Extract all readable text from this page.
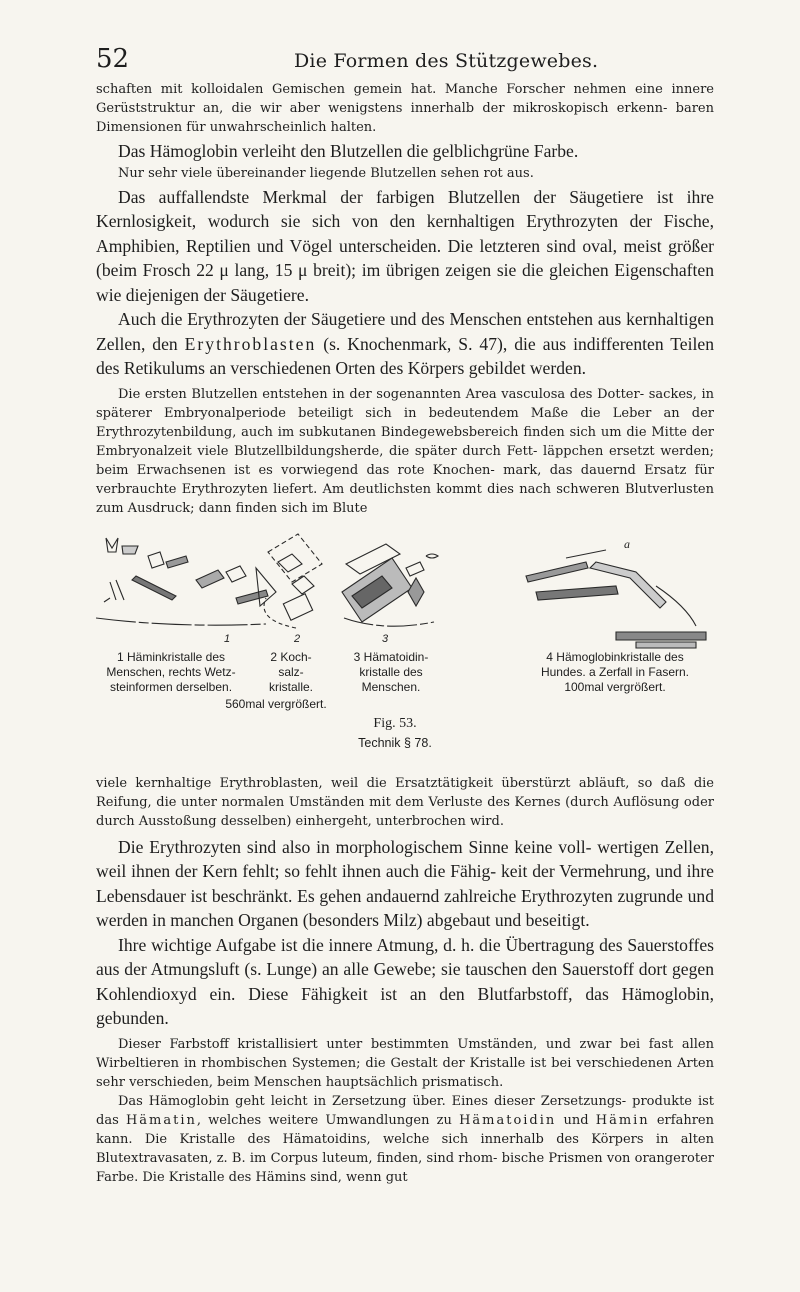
52	Die Formen des Stützgewebes.

schaften mit kolloidalen Gemischen gemein hat. Manche Forscher nehmen eine innere Gerüststruktur an, die wir aber wenigstens innerhalb der mikroskopisch erkenn- baren Dimensionen für unwahrscheinlich halten.

Das Hämoglobin verleiht den Blutzellen die gelblichgrüne Farbe.

Nur sehr viele übereinander liegende Blutzellen sehen rot aus.

Das auffallendste Merkmal der farbigen Blutzellen der Säugetiere ist ihre Kernlosigkeit, wodurch sie sich von den kernhaltigen Erythrozyten der Fische, Amphibien, Reptilien und Vögel unterscheiden. Die letzteren sind oval, meist größer (beim Frosch 22 μ lang, 15 μ breit); im übrigen zeigen sie die gleichen Eigenschaften wie diejenigen der Säugetiere.

Auch die Erythrozyten der Säugetiere und des Menschen entstehen aus kernhaltigen Zellen, den Erythroblasten (s. Knochenmark, S. 47), die aus indifferenten Teilen des Retikulums an verschiedenen Orten des Körpers gebildet werden.

Die ersten Blutzellen entstehen in der sogenannten Area vasculosa des Dotter- sackes, in späterer Embryonalperiode beteiligt sich in bedeutendem Maße die Leber an der Erythrozytenbildung, auch im subkutanen Bindegewebsbereich finden sich um die Mitte der Embryonalzeit viele Blutzellbildungsherde, die später durch Fett- läppchen ersetzt werden; beim Erwachsenen ist es vorwiegend das rote Knochen- mark, das dauernd Ersatz für verbrauchte Erythrozyten liefert. Am deutlichsten kommt dies nach schweren Blutverlusten zum Ausdruck; dann finden sich im Blute

1	2	3
a
1 Häminkristalle des
Menschen, rechts Wetz-
steinformen derselben.
2 Koch-
salz-
kristalle.
3 Hämatoidin-
kristalle des
Menschen.
560mal vergrößert.
4 Hämoglobinkristalle des
Hundes. a Zerfall in Fasern.
100mal vergrößert.
Fig. 53.
Technik § 78.

viele kernhaltige Erythroblasten, weil die Ersatztätigkeit überstürzt abläuft, so daß die Reifung, die unter normalen Umständen mit dem Verluste des Kernes (durch Auflösung oder durch Ausstoßung desselben) einhergeht, unterbrochen wird.

Die Erythrozyten sind also in morphologischem Sinne keine voll- wertigen Zellen, weil ihnen der Kern fehlt; so fehlt ihnen auch die Fähig- keit der Vermehrung, und ihre Lebensdauer ist beschränkt. Es gehen andauernd zahlreiche Erythrozyten zugrunde und werden in manchen Organen (besonders Milz) abgebaut und beseitigt.

Ihre wichtige Aufgabe ist die innere Atmung, d. h. die Übertragung des Sauerstoffes aus der Atmungsluft (s. Lunge) an alle Gewebe; sie tauschen den Sauerstoff dort gegen Kohlendioxyd ein. Diese Fähigkeit ist an den Blutfarbstoff, das Hämoglobin, gebunden.

Dieser Farbstoff kristallisiert unter bestimmten Umständen, und zwar bei fast allen Wirbeltieren in rhombischen Systemen; die Gestalt der Kristalle ist bei verschiedenen Arten sehr verschieden, beim Menschen hauptsächlich prismatisch.

Das Hämoglobin geht leicht in Zersetzung über. Eines dieser Zersetzungs- produkte ist das Hämatin, welches weitere Umwandlungen zu Hämatoidin und Hämin erfahren kann. Die Kristalle des Hämatoidins, welche sich innerhalb des Körpers in alten Blutextravasaten, z. B. im Corpus luteum, finden, sind rhom- bische Prismen von orangeroter Farbe. Die Kristalle des Hämins sind, wenn gut
